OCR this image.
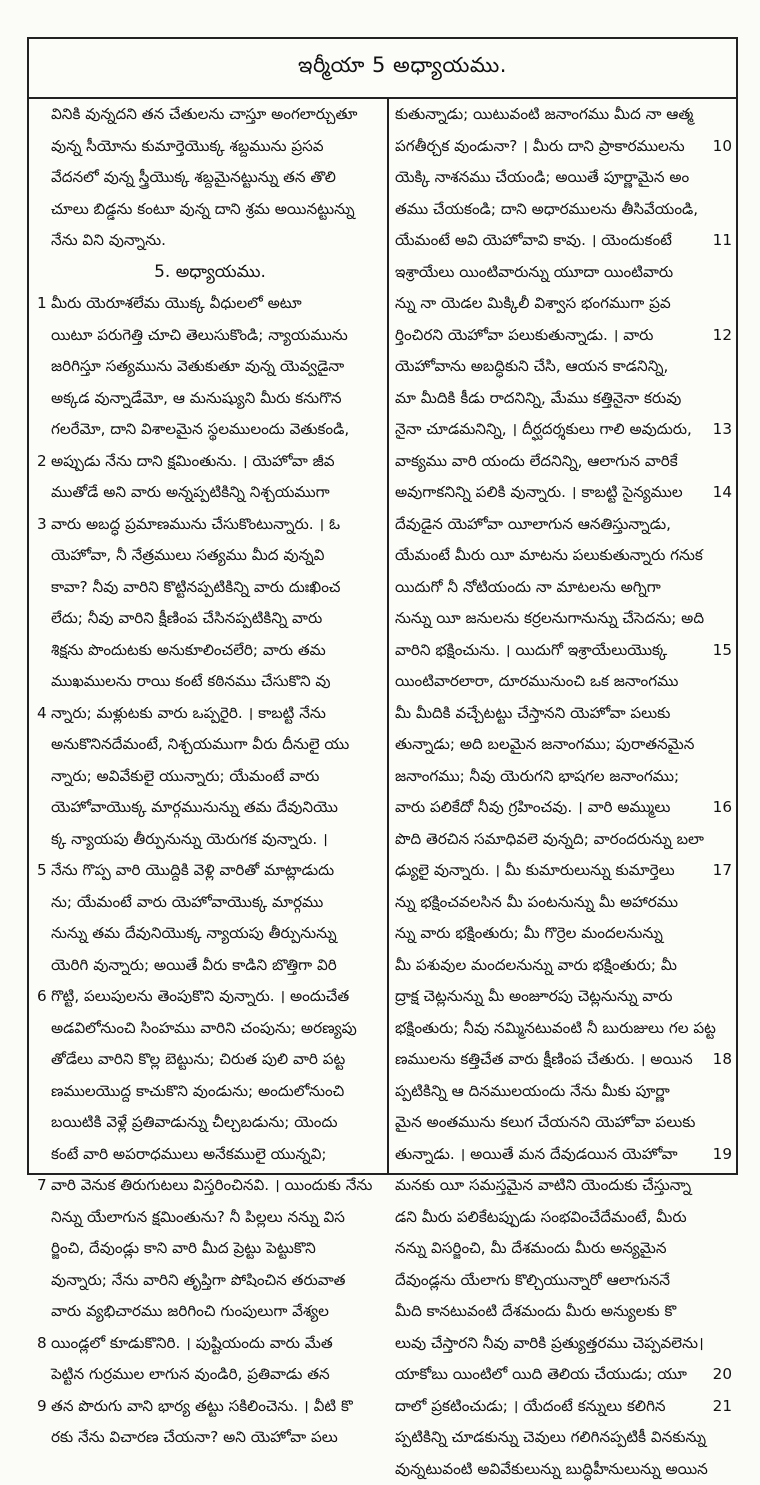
ఇర్మీయా 5 అధ్యాయము.
వినికి వున్నదని తన చేతులను చాస్తూ అంగలార్చుతూ
వున్న సీయోను కుమార్తెయొక్క శబ్దమును ప్రసవ
వేదనలో వున్న స్త్రీయొక్క శబ్దమైనట్టున్ను తన తొలి
చూలు బిడ్డను కంటూ వున్న దాని శ్రమ అయినట్టున్ను
నేను విని వున్నాను.
5. అధ్యాయము.
1 మీరు యెరూశలేమ యొక్క వీధులలో అటూ
యిటూ పరుగెత్తి చూచి తెలుసుకొండి; న్యాయమును
జరిగిస్తూ సత్యమును వెతుకుతూ వున్న యెవ్వడైనా
అక్కడ వున్నాడేమో, ఆ మనుష్యుని మీరు కనుగొన
గలరేమో, దాని విశాలమైన స్థలములందు వెతుకండి,
2 అప్పుడు నేను దాని క్షమింతును. । యెహోవా జీవ
ముతోడే అని వారు అన్నప్పటికిన్ని నిశ్చయముగా
3 వారు అబద్ధ ప్రమాణమును చేసుకొంటున్నారు. । ఓ
యెహోవా, నీ నేత్రములు సత్యము మీద వున్నవి
కావా? నీవు వారిని కొట్టినప్పటికిన్ని వారు దుఃఖించ
లేదు; నీవు వారిని క్షీణింప చేసినప్పటికిన్ని వారు
శిక్షను పొందుటకు అనుకూలించలేరి; వారు తమ
ముఖములను రాయి కంటే కఠినము చేసుకొని వు
4 న్నారు; మళ్లుటకు వారు ఒప్పరైరి. । కాబట్టి నేను
అనుకొనినదేమంటే, నిశ్చయముగా వీరు దీనులై యు
న్నారు; అవివేకులై యున్నారు; యేమంటే వారు
యెహోవాయొక్క మార్గమునున్ను తమ దేవునియొ
క్క న్యాయపు తీర్పునున్ను యెరుగక వున్నారు. ।
5 నేను గొప్ప వారి యొద్దికి వెళ్లి వారితో మాట్లాడుదు
ను; యేమంటే వారు యెహోవాయొక్క మార్గము
నున్ను తమ దేవునియొక్క న్యాయపు తీర్పునున్ను
యెరిగి వున్నారు; అయితే వీరు కాడిని బొత్తిగా విరి
6 గొట్టి, పలుపులను తెంపుకొని వున్నారు. । అందుచేత
అడవిలోనుంచి సింహము వారిని చంపును; అరణ్యపు
తోడేలు వారిని కొల్ల బెట్టును; చిరుత పులి వారి పట్ట
ణములయొద్ద కాచుకొని వుండును; అందులోనుంచి
బయిటికి వెళ్లే ప్రతివాడున్ను చీల్చబడును; యెందు
కంటే వారి అపరాధములు అనేకములై యున్నవి;
7 వారి వెనుక తిరుగుటలు విస్తరించినవి. । యిందుకు నేను
నిన్ను యేలాగున క్షమింతును? నీ పిల్లలు నన్ను విస
ర్జించి, దేవుండ్లు కాని వారి మీద ప్రెట్టు పెట్టుకొని
వున్నారు; నేను వారిని తృప్తిగా పోషించిన తరువాత
వారు వ్యభిచారము జరిగించి గుంపులుగా వేశ్యల
8 యిండ్లలో కూడుకొనిరి. । పుష్టియందు వారు మేత
పెట్టిన గుర్రముల లాగున వుండిరి, ప్రతివాడు తన
9 తన పొరుగు వాని భార్య తట్టు సకిలించెను. । వీటి కొ
రకు నేను విచారణ చేయనా? అని యెహోవా పలు
కుతున్నాడు; యిటువంటి జనాంగము మీద నా ఆత్మ
10
పగతీర్చక వుండునా? । మీరు దాని ప్రాకారములను
యెక్కి నాశనము చేయండి; అయితే పూర్ణామైన అం
తము చేయకండి; దాని అధారములను తీసివేయండి,
11
యేమంటే అవి యెహోవావి కావు. । యెందుకంటే
ఇశ్రాయేలు యింటివారున్ను యూదా యింటివారు
న్ను నా యెడల మిక్కిలీ విశ్వాస భంగముగా ప్రవ
12
ర్తించిరని యెహోవా పలుకుతున్నాడు. । వారు
యెహోవాను అబద్ధికుని చేసి, ఆయన కాడనిన్ని,
మా మీదికి కీడు రాదనిన్ని, మేము కత్తినైనా కరువు
13
నైనా చూడమనిన్ని, । దీర్ఘదర్శకులు గాలి అవుదురు,
వాక్యము వారి యందు లేదనిన్ని, ఆలాగున వారికే
14
అవుగాకనిన్ని పలికి వున్నారు. । కాబట్టి సైన్యముల
దేవుడైన యెహోవా యీలాగున ఆనతిస్తున్నాడు,
యేమంటే మీరు యీ మాటను పలుకుతున్నారు గనుక
యిదుగో నీ నోటియందు నా మాటలను అగ్నిగా
నున్ను యీ జనులను కర్రలనుగానున్ను చేసెదను; అది
15
వారిని భక్షించును. । యిదుగో ఇశ్రాయేలుయొక్క
యింటివారలారా, దూరమునుంచి ఒక జనాంగము
మీ మీదికి వచ్చేటట్టు చేస్తానని యెహోవా పలుకు
తున్నాడు; అది బలమైన జనాంగము; పురాతనమైన
జనాంగము; నీవు యెరుగని భాషగల జనాంగము;
16
వారు పలికేదో నీవు గ్రహించవు. । వారి అమ్ములు
పొది తెరచిన సమాధివలె వున్నది; వారందరున్ను బలా
17
ఢ్యులై వున్నారు. । మీ కుమారులున్ను కుమార్తెలు
న్ను భక్షించవలసిన మీ పంటనున్ను మీ అహారము
న్ను వారు భక్షింతురు; మీ గొర్రెల మందలనున్ను
మీ పశువుల మందలనున్ను వారు భక్షింతురు; మీ
ద్రాక్ష చెట్లనున్ను మీ అంజూరపు చెట్లనున్ను వారు
భక్షింతురు; నీవు నమ్మినటువంటి నీ బురుజులు గల పట్ట
18
ణములను కత్తిచేత వారు క్షీణింప చేతురు. । అయిన
ప్పటికిన్ని ఆ దినములయందు నేను మీకు పూర్ణా
మైన అంతమును కలుగ చేయనని యెహోవా పలుకు
19
తున్నాడు. । అయితే మన దేవుడయిన యెహోవా
మనకు యీ సమస్తమైన వాటిని యెందుకు చేస్తున్నా
డని మీరు పలికేటప్పుడు సంభవించేదేమంటే, మీరు
నన్ను విసర్జించి, మీ దేశమందు మీరు అన్యమైన
దేవుండ్లను యేలాగు కొల్చియున్నారో ఆలాగుననే
మీది కానటువంటి దేశమందు మీరు అన్యులకు కొ
లువు చేస్తారని నీవు వారికి ప్రత్యుత్తరము చెప్పవలెను।
20
యాకోబు యింటిలో యిది తెలియ చేయుడు; యూ
21
దాలో ప్రకటించుడు; । యేదంటే కన్నులు కలిగిన
ప్పటికిన్ని చూడకున్ను చెవులు గలిగినప్పటికీ వినకున్ను
వున్నటువంటి అవివేకులున్ను బుద్ధిహీనులున్ను అయిన
